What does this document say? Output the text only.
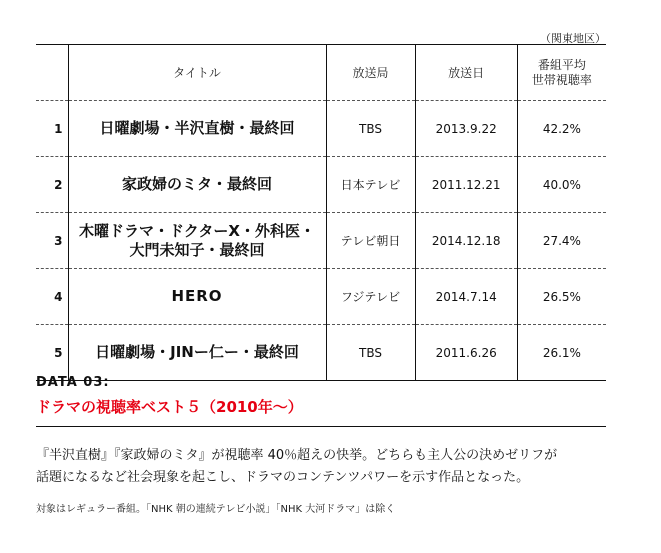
（関東地区）
	タイトル	放送局	放送日	番組平均
世帯視聴率
1	日曜劇場・半沢直樹・最終回	TBS	2013.9.22	42.2%
2	家政婦のミタ・最終回	日本テレビ	2011.12.21	40.0%
3	木曜ドラマ・ドクターX・外科医・
大門未知子・最終回	テレビ朝日	2014.12.18	27.4%
4	HERO	フジテレビ	2014.7.14	26.5%
5	日曜劇場・JINー仁ー・最終回	TBS	2011.6.26	26.1%
DATA 03:
ドラマの視聴率ベスト５（2010年〜）
『半沢直樹』『家政婦のミタ』が視聴率 40％超えの快挙。どちらも主人公の決めゼリフが
話題になるなど社会現象を起こし、ドラマのコンテンツパワーを示す作品となった。
対象はレギュラー番組。「NHK 朝の連続テレビ小説」「NHK 大河ドラマ」は除く
